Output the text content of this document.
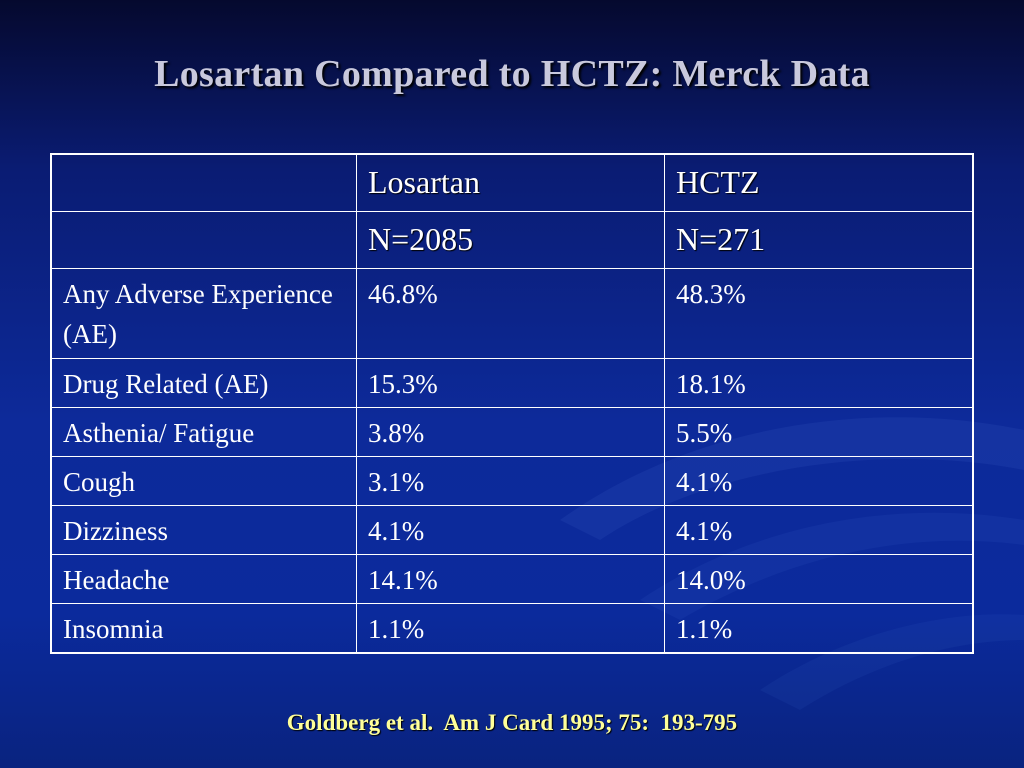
Losartan Compared to HCTZ: Merck Data
	Losartan	HCTZ
	N=2085	N=271
Any Adverse Experience (AE)	46.8%	48.3%
Drug Related (AE)	15.3%	18.1%
Asthenia/ Fatigue	3.8%	5.5%
Cough	3.1%	4.1%
Dizziness	4.1%	4.1%
Headache	14.1%	14.0%
Insomnia	1.1%	1.1%
Goldberg et al.  Am J Card 1995; 75:  193-795
